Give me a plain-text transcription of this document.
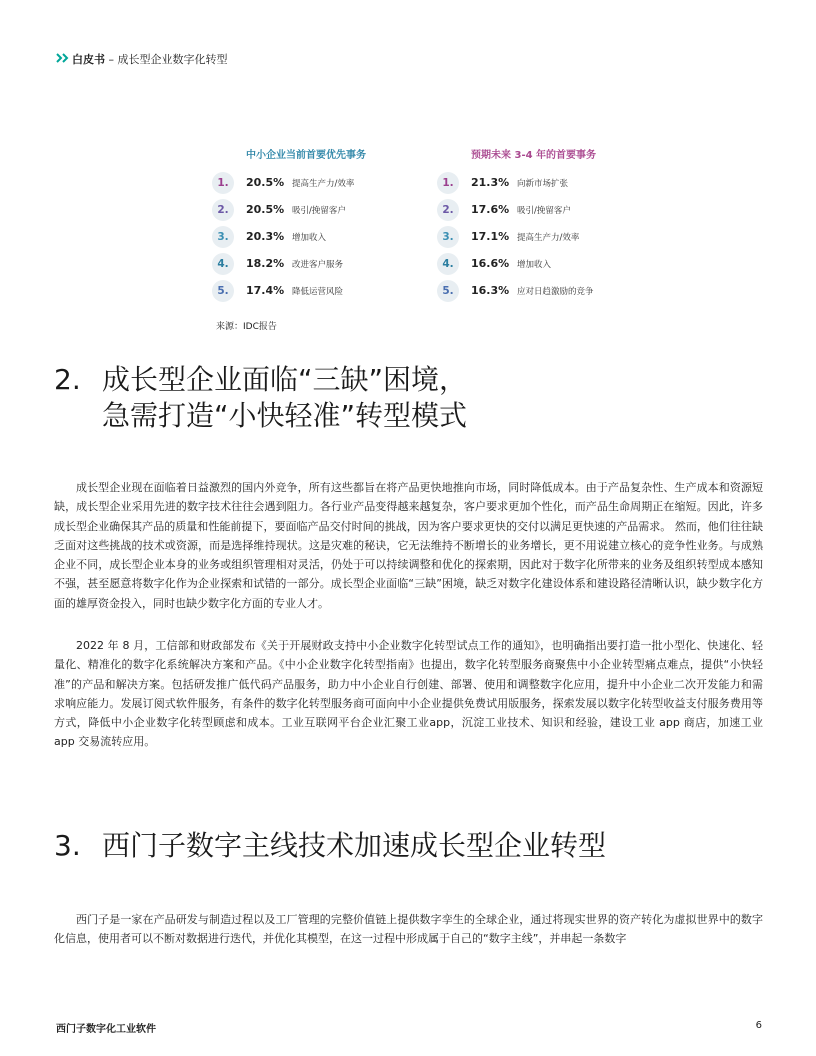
白皮书 – 成长型企业数字化转型
中小企业当前首要优先事务
1.	20.5% 提高生产力/效率
2.	20.5% 吸引/挽留客户
3.	20.3% 增加收入
4.	18.2% 改进客户服务
5.	17.4% 降低运营风险
预期未来 3-4 年的首要事务
1.	21.3% 向新市场扩张
2.	17.6% 吸引/挽留客户
3.	17.1% 提高生产力/效率
4.	16.6% 增加收入
5.	16.3% 应对日趋激励的竞争
来源：IDC报告
2. 成长型企业面临“三缺”困境，
急需打造“小快轻准”转型模式

成长型企业现在面临着日益激烈的国内外竞争，所有这些都旨在将产品更快地推向市场，同时降低成本。由于产品复杂性、生产成本和资源短缺，成长型企业采用先进的数字技术往往会遇到阻力。各行业产品变得越来越复杂，客户要求更加个性化，而产品生命周期正在缩短。因此，许多成长型企业确保其产品的质量和性能前提下，要面临产品交付时间的挑战，因为客户要求更快的交付以满足更快速的产品需求。 然而，他们往往缺乏面对这些挑战的技术或资源，而是选择维持现状。这是灾难的秘诀，它无法维持不断增长的业务增长，更不用说建立核心的竞争性业务。与成熟企业不同，成长型企业本身的业务或组织管理相对灵活，仍处于可以持续调整和优化的探索期，因此对于数字化所带来的业务及组织转型成本感知不强，甚至愿意将数字化作为企业探索和试错的一部分。成长型企业面临“三缺”困境，缺乏对数字化建设体系和建设路径清晰认识，缺少数字化方面的雄厚资金投入，同时也缺少数字化方面的专业人才。

2022 年 8 月，工信部和财政部发布《关于开展财政支持中小企业数字化转型试点工作的通知》，也明确指出要打造一批小型化、快速化、轻量化、精准化的数字化系统解决方案和产品。《中小企业数字化转型指南》也提出，数字化转型服务商聚焦中小企业转型痛点难点，提供“小快轻准”的产品和解决方案。包括研发推广低代码产品服务，助力中小企业自行创建、部署、使用和调整数字化应用，提升中小企业二次开发能力和需求响应能力。发展订阅式软件服务，有条件的数字化转型服务商可面向中小企业提供免费试用版服务，探索发展以数字化转型收益支付服务费用等方式，降低中小企业数字化转型顾虑和成本。工业互联网平台企业汇聚工业app，沉淀工业技术、知识和经验，建设工业 app 商店，加速工业 app 交易流转应用。

3. 西门子数字主线技术加速成长型企业转型

西门子是一家在产品研发与制造过程以及工厂管理的完整价值链上提供数字孪生的全球企业，通过将现实世界的资产转化为虚拟世界中的数字化信息，使用者可以不断对数据进行迭代，并优化其模型，在这一过程中形成属于自己的“数字主线”，并串起一条数字

西门子数字化工业软件	6
